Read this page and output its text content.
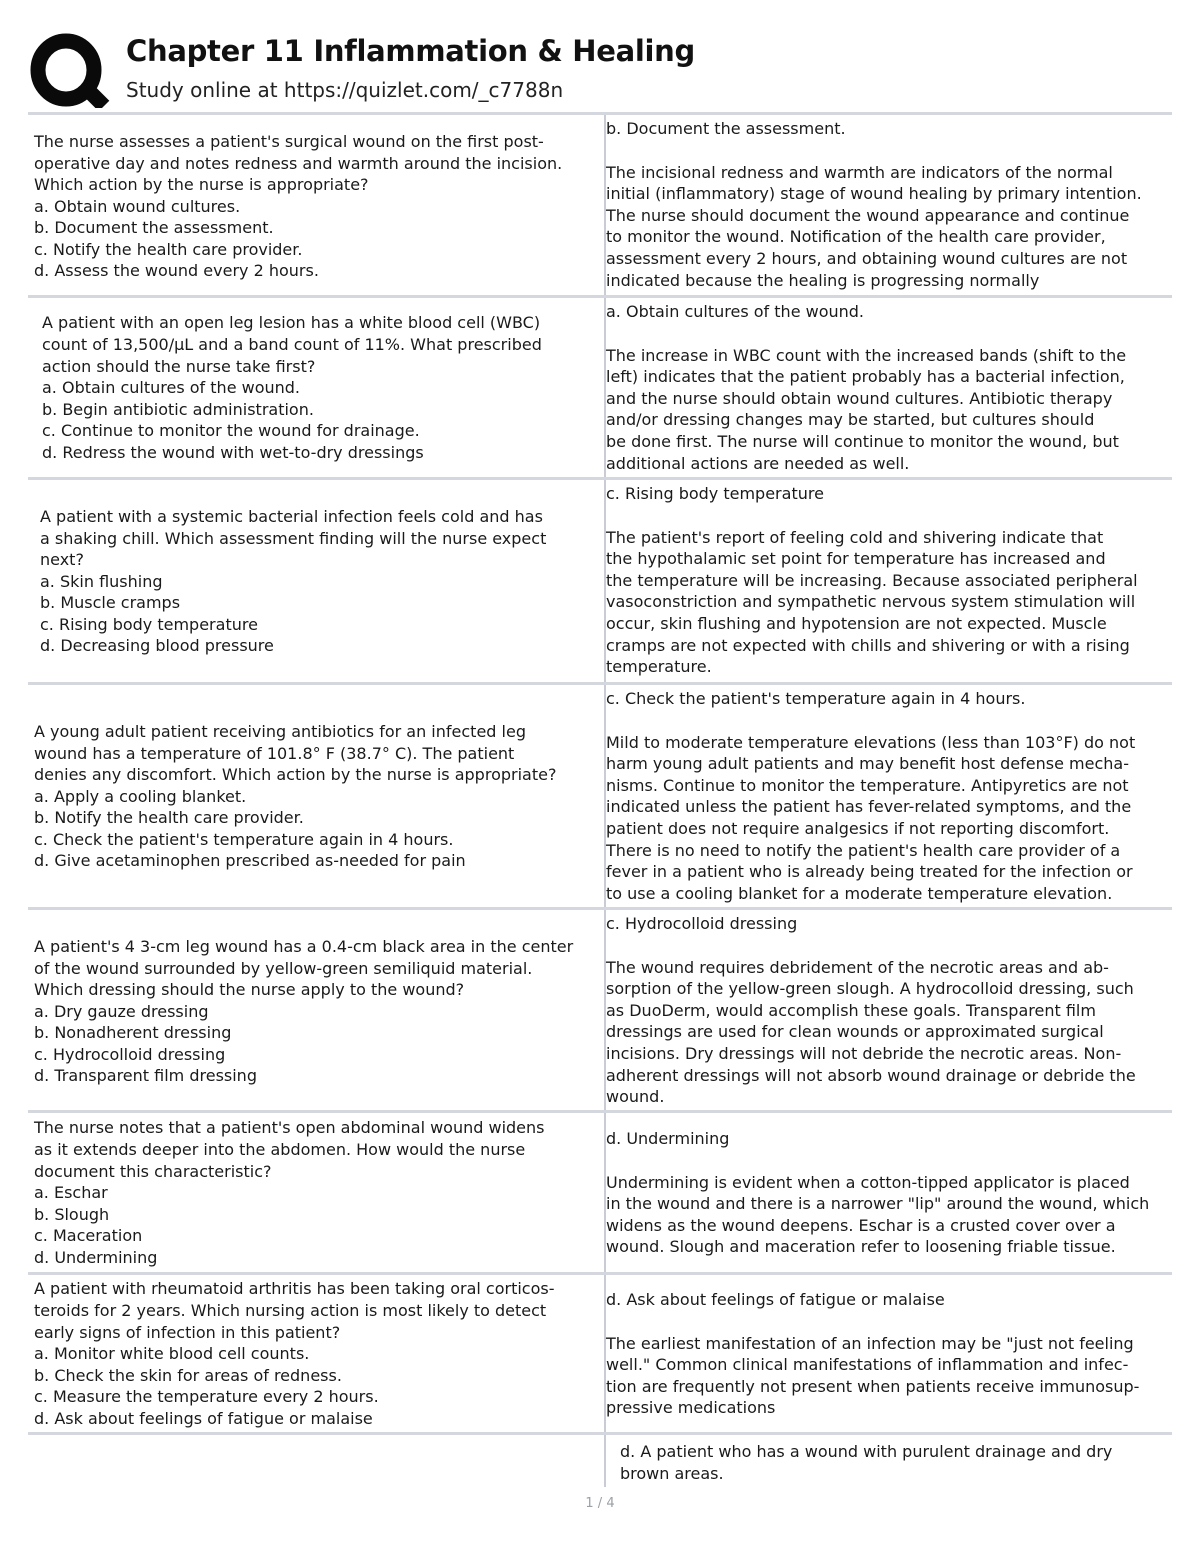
Chapter 11 Inflammation & Healing
Study online at https://quizlet.com/_c7788n
The nurse assesses a patient's surgical wound on the first post-
operative day and notes redness and warmth around the incision.
Which action by the nurse is appropriate?
a. Obtain wound cultures.
b. Document the assessment.
c. Notify the health care provider.
d. Assess the wound every 2 hours.
b. Document the assessment.
The incisional redness and warmth are indicators of the normal
initial (inflammatory) stage of wound healing by primary intention.
The nurse should document the wound appearance and continue
to monitor the wound. Notification of the health care provider,
assessment every 2 hours, and obtaining wound cultures are not
indicated because the healing is progressing normally
A patient with an open leg lesion has a white blood cell (WBC)
count of 13,500/μL and a band count of 11%. What prescribed
action should the nurse take first?
a. Obtain cultures of the wound.
b. Begin antibiotic administration.
c. Continue to monitor the wound for drainage.
d. Redress the wound with wet-to-dry dressings
a. Obtain cultures of the wound.
The increase in WBC count with the increased bands (shift to the
left) indicates that the patient probably has a bacterial infection,
and the nurse should obtain wound cultures. Antibiotic therapy
and/or dressing changes may be started, but cultures should
be done first. The nurse will continue to monitor the wound, but
additional actions are needed as well.
A patient with a systemic bacterial infection feels cold and has
a shaking chill. Which assessment finding will the nurse expect
next?
a. Skin flushing
b. Muscle cramps
c. Rising body temperature
d. Decreasing blood pressure
c. Rising body temperature
The patient's report of feeling cold and shivering indicate that
the hypothalamic set point for temperature has increased and
the temperature will be increasing. Because associated peripheral
vasoconstriction and sympathetic nervous system stimulation will
occur, skin flushing and hypotension are not expected. Muscle
cramps are not expected with chills and shivering or with a rising
temperature.
A young adult patient receiving antibiotics for an infected leg
wound has a temperature of 101.8° F (38.7° C). The patient
denies any discomfort. Which action by the nurse is appropriate?
a. Apply a cooling blanket.
b. Notify the health care provider.
c. Check the patient's temperature again in 4 hours.
d. Give acetaminophen prescribed as-needed for pain
c. Check the patient's temperature again in 4 hours.
Mild to moderate temperature elevations (less than 103°F) do not
harm young adult patients and may benefit host defense mecha-
nisms. Continue to monitor the temperature. Antipyretics are not
indicated unless the patient has fever-related symptoms, and the
patient does not require analgesics if not reporting discomfort.
There is no need to notify the patient's health care provider of a
fever in a patient who is already being treated for the infection or
to use a cooling blanket for a moderate temperature elevation.
A patient's 4 3-cm leg wound has a 0.4-cm black area in the center
of the wound surrounded by yellow-green semiliquid material.
Which dressing should the nurse apply to the wound?
a. Dry gauze dressing
b. Nonadherent dressing
c. Hydrocolloid dressing
d. Transparent film dressing
c. Hydrocolloid dressing
The wound requires debridement of the necrotic areas and ab-
sorption of the yellow-green slough. A hydrocolloid dressing, such
as DuoDerm, would accomplish these goals. Transparent film
dressings are used for clean wounds or approximated surgical
incisions. Dry dressings will not debride the necrotic areas. Non-
adherent dressings will not absorb wound drainage or debride the
wound.
The nurse notes that a patient's open abdominal wound widens
as it extends deeper into the abdomen. How would the nurse
document this characteristic?
a. Eschar
b. Slough
c. Maceration
d. Undermining
d. Undermining
Undermining is evident when a cotton-tipped applicator is placed
in the wound and there is a narrower "lip" around the wound, which
widens as the wound deepens. Eschar is a crusted cover over a
wound. Slough and maceration refer to loosening friable tissue.
A patient with rheumatoid arthritis has been taking oral corticos-
teroids for 2 years. Which nursing action is most likely to detect
early signs of infection in this patient?
a. Monitor white blood cell counts.
b. Check the skin for areas of redness.
c. Measure the temperature every 2 hours.
d. Ask about feelings of fatigue or malaise
d. Ask about feelings of fatigue or malaise
The earliest manifestation of an infection may be "just not feeling
well." Common clinical manifestations of inflammation and infec-
tion are frequently not present when patients receive immunosup-
pressive medications
d. A patient who has a wound with purulent drainage and dry
brown areas.
1 / 4
